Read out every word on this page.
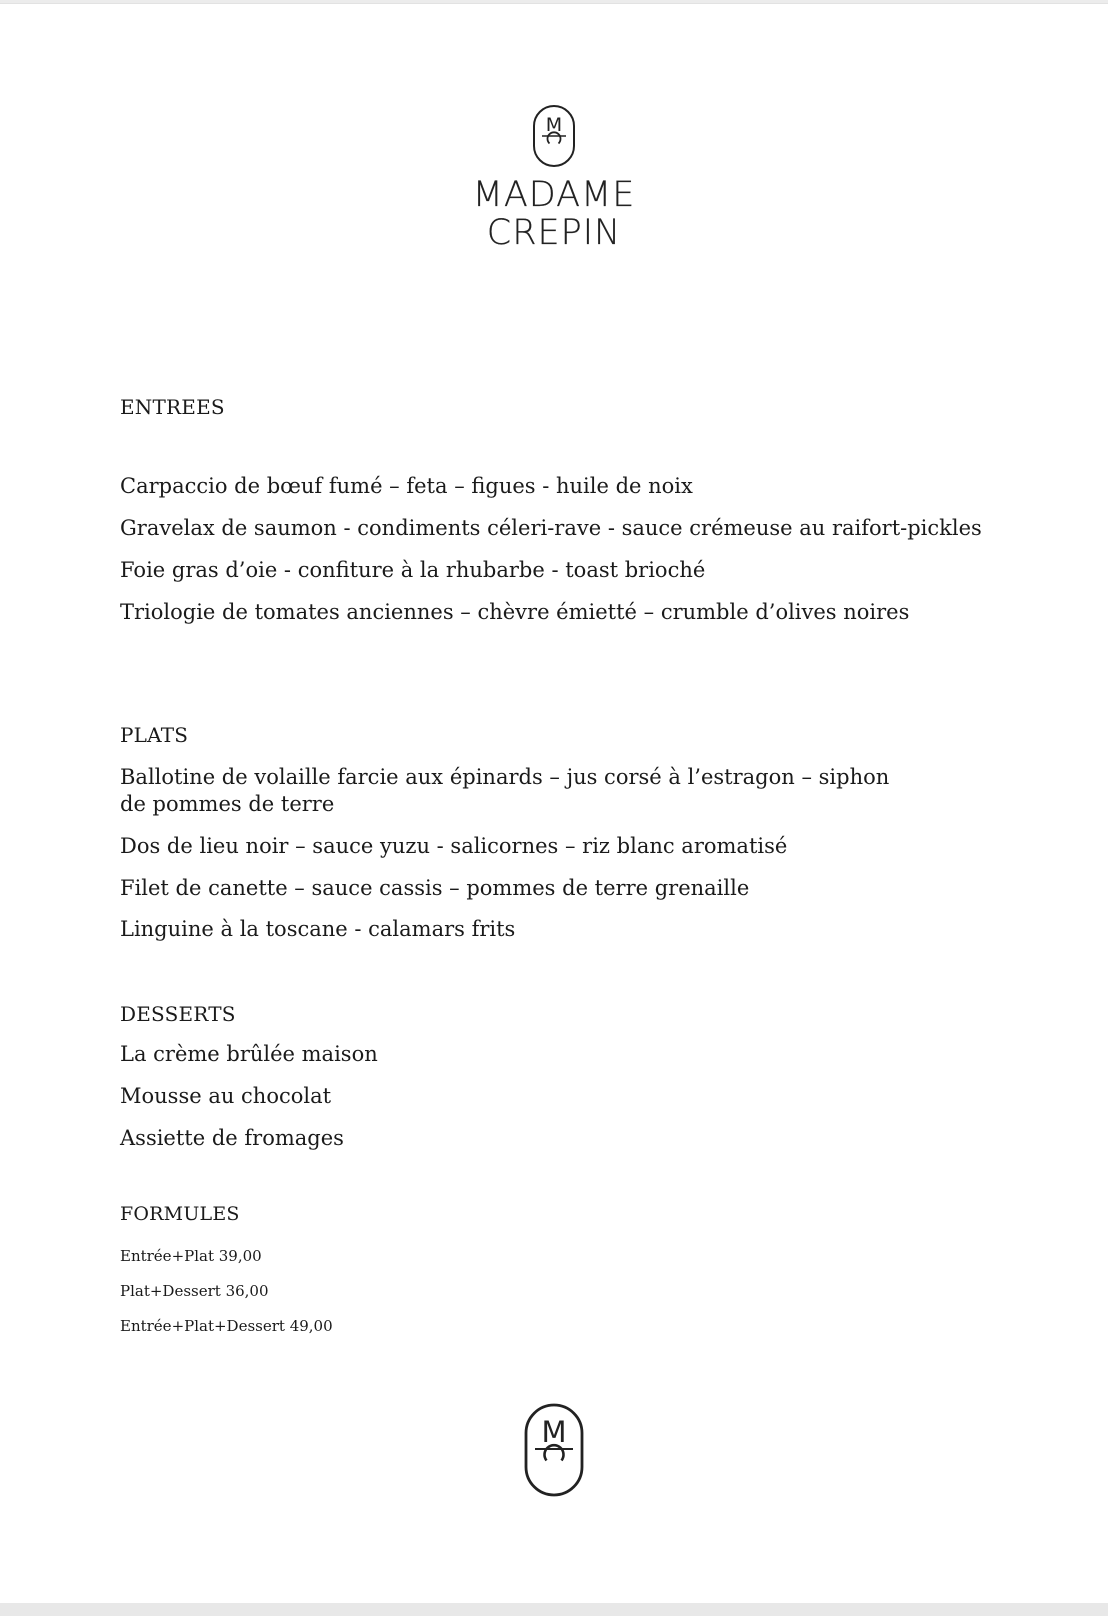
M
MADAME
CREPIN
ENTREES
Carpaccio de bœuf fumé – feta – figues - huile de noix
Gravelax de saumon - condiments céleri-rave - sauce crémeuse au raifort-pickles
Foie gras d’oie - confiture à la rhubarbe - toast brioché
Triologie de tomates anciennes – chèvre émietté – crumble d’olives noires
PLATS
Ballotine de volaille farcie aux épinards – jus corsé à l’estragon – siphon de pommes de terre
Dos de lieu noir – sauce yuzu - salicornes – riz blanc aromatisé
Filet de canette – sauce cassis – pommes de terre grenaille
Linguine à la toscane - calamars frits
DESSERTS
La crème brûlée maison
Mousse au chocolat
Assiette de fromages
FORMULES
Entrée+Plat 39,00
Plat+Dessert 36,00
Entrée+Plat+Dessert 49,00
M
